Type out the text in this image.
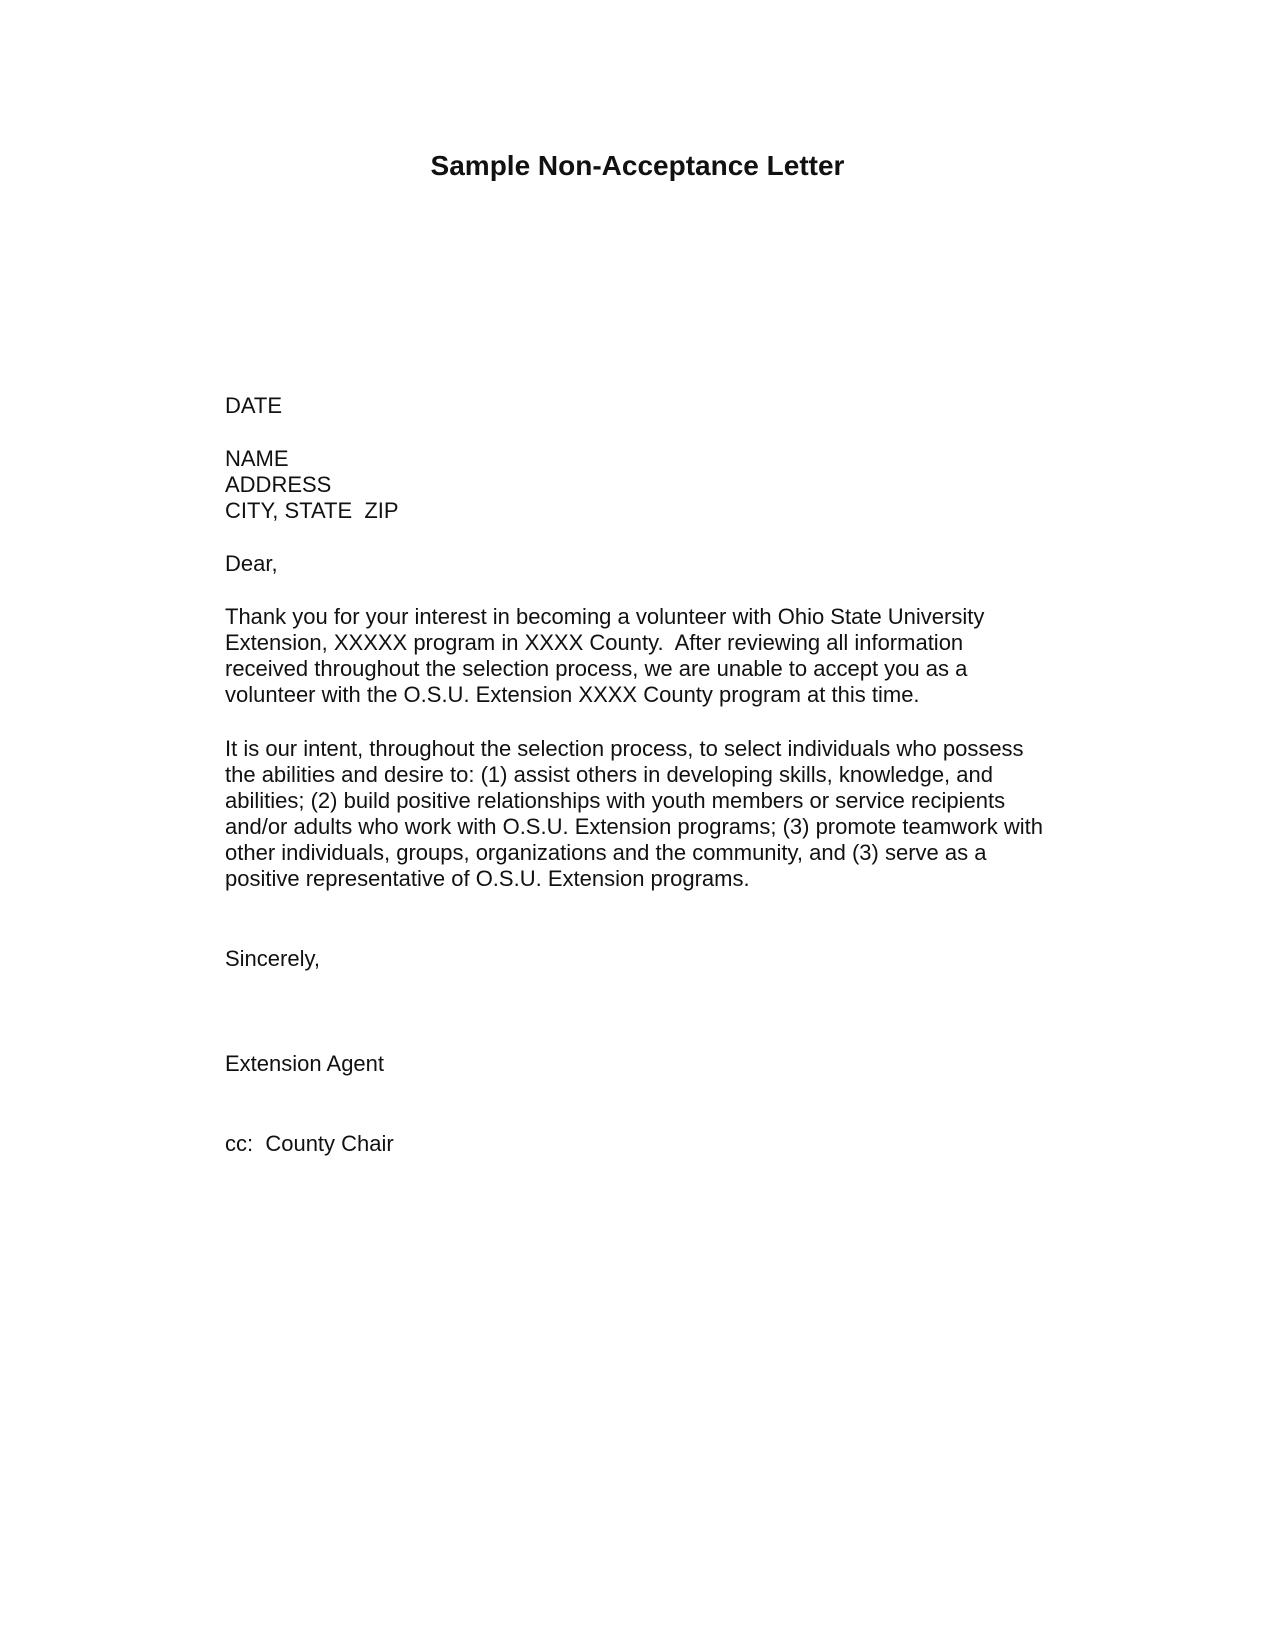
Sample Non-Acceptance Letter

DATE

NAME

ADDRESS

CITY, STATE  ZIP

Dear,

Thank you for your interest in becoming a volunteer with Ohio State University

Extension, XXXXX program in XXXX County.  After reviewing all information

received throughout the selection process, we are unable to accept you as a

volunteer with the O.S.U. Extension XXXX County program at this time.

It is our intent, throughout the selection process, to select individuals who possess

the abilities and desire to: (1) assist others in developing skills, knowledge, and

abilities; (2) build positive relationships with youth members or service recipients

and/or adults who work with O.S.U. Extension programs; (3) promote teamwork with

other individuals, groups, organizations and the community, and (3) serve as a

positive representative of O.S.U. Extension programs.

Sincerely,

Extension Agent

cc:  County Chair
